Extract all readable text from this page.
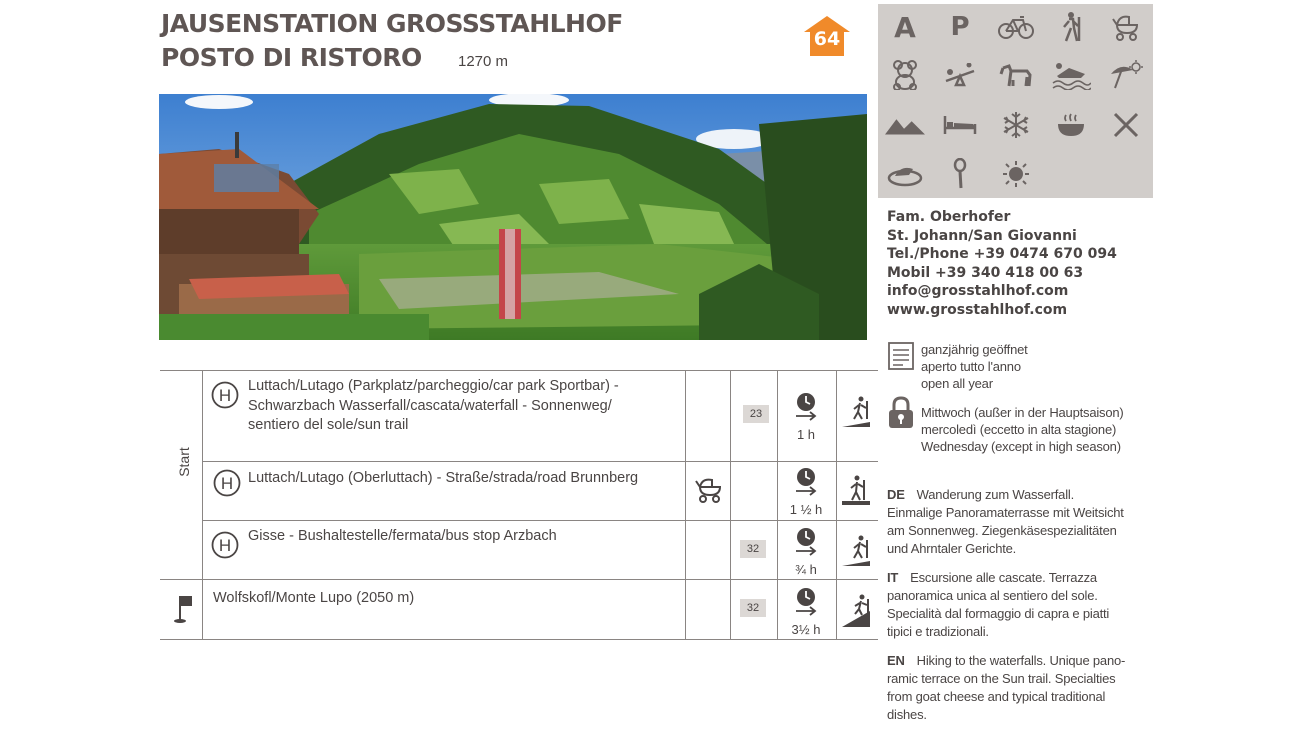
JAUSENSTATION GROSSSTAHLHOF
POSTO DI RISTORO 1270 m
64	A P
Fam. Oberhofer
St. Johann/San Giovanni
Tel./Phone +39 0474 670 094
Mobil +39 340 418 00 63
info@grosstahlhof.com
www.grosstahlhof.com
ganzjährig geöffnet
aperto tutto l'anno
open all year
Mittwoch (außer in der Hauptsaison)
mercoledì (eccetto in alta stagione)
Wednesday (except in high season)
DE Wanderung zum Wasserfall.
Einmalige Panoramaterrasse mit Weitsicht
am Sonnenweg. Ziegenkäsespezialitäten
und Ahrntaler Gerichte.
IT Escursione alle cascate. Terrazza
panoramica unica al sentiero del sole.
Specialità dal formaggio di capra e piatti
tipici e tradizionali.
EN Hiking to the waterfalls. Unique pano-
ramic terrace on the Sun trail. Specialties
from goat cheese and typical traditional
dishes.
Start
H Luttach/Lutago (Parkplatz/parcheggio/car park Sportbar) -
Schwarzbach Wasserfall/cascata/waterfall - Sonnenweg/
sentiero del sole/sun trail
23
1 h
H Luttach/Lutago (Oberluttach) - Straße/strada/road Brunnberg
1 ½ h
H Gisse - Bushaltestelle/fermata/bus stop Arzbach
32
¾ h
Wolfskofl/Monte Lupo (2050 m)
32
3½ h
